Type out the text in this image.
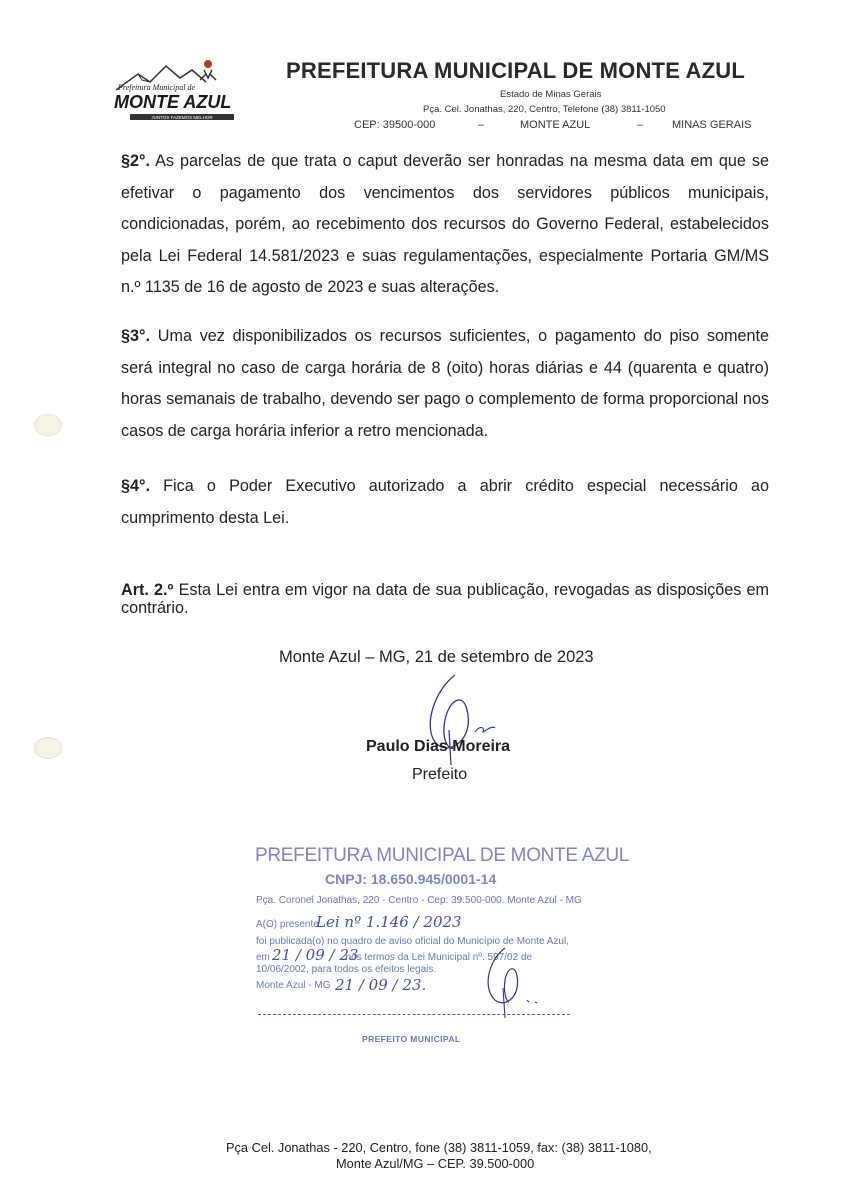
Prefeitura Municipal de
MONTE AZUL
JUNTOS FAZEMOS MELHOR
PREFEITURA MUNICIPAL DE MONTE AZUL
Estado de Minas Gerais
Pça. Cel. Jonathas, 220, Centro, Telefone (38) 3811-1050
CEP: 39500-000	–	MONTE AZUL	–	MINAS GERAIS
§2°. As parcelas de que trata o caput deverão ser honradas na mesma data em que se efetivar o pagamento dos vencimentos dos servidores públicos municipais, condicionadas, porém, ao recebimento dos recursos do Governo Federal, estabelecidos pela Lei Federal 14.581/2023 e suas regulamentações, especialmente Portaria GM/MS n.º 1135 de 16 de agosto de 2023 e suas alterações.
§3°. Uma vez disponibilizados os recursos suficientes, o pagamento do piso somente será integral no caso de carga horária de 8 (oito) horas diárias e 44 (quarenta e quatro) horas semanais de trabalho, devendo ser pago o complemento de forma proporcional nos casos de carga horária inferior a retro mencionada.
§4°. Fica o Poder Executivo autorizado a abrir crédito especial necessário ao cumprimento desta Lei.
Art. 2.º Esta Lei entra em vigor na data de sua publicação, revogadas as disposições em contrário.
Monte Azul – MG, 21 de setembro de 2023
Paulo Dias Moreira
Prefeito
PREFEITURA MUNICIPAL DE MONTE AZUL
CNPJ: 18.650.945/0001-14
Pça. Coronel Jonathas, 220 - Centro - Cep: 39.500-000. Monte Azul - MG
A(O) presente
Lei nº 1.146 / 2023
foi publicada(o) no quadro de aviso oficial do Município de Monte Azul,
em	nos termos da Lei Municipal nº. 597/02 de
21 / 09 / 23
10/06/2002, para todos os efeitos legais.
Monte Azul - MG 21 / 09 / 23.
PREFEITO MUNICIPAL
Pça Cel. Jonathas - 220, Centro, fone (38) 3811-1059, fax: (38) 3811-1080,
Monte Azul/MG – CEP. 39.500-000
